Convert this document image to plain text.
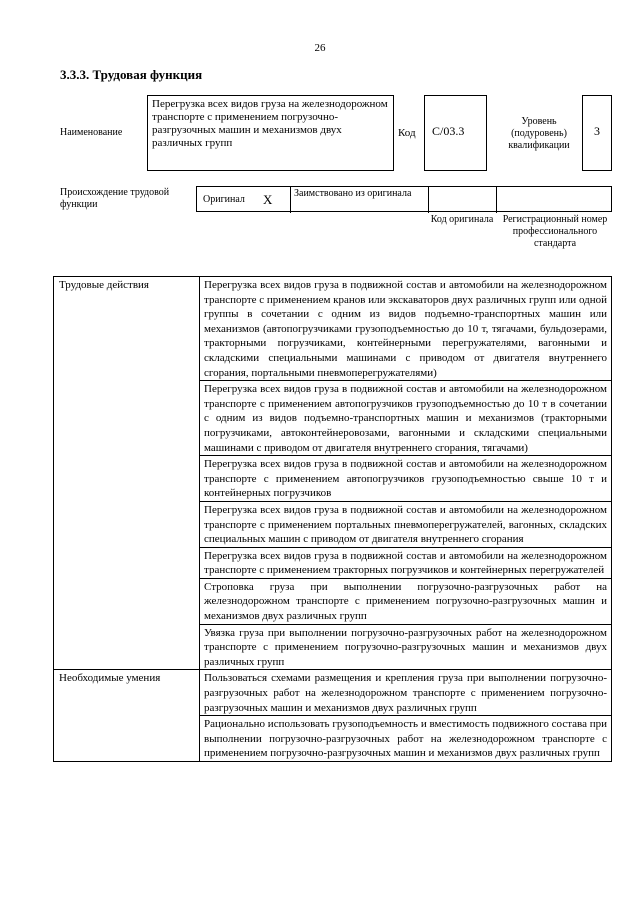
26
3.3.3. Трудовая функция
Наименование
Перегрузка всех видов груза на железнодорожном транспорте с применением погрузочно-разгрузочных машин и механизмов двух различных групп
Код	C/03.3
Уровень (подуровень) квалификации
3
Происхождение трудовой функции	Оригинал X Заимствовано из оригинала
Код оригинала Регистрационный номер профессионального стандарта
Трудовые действия	Перегрузка всех видов груза в подвижной состав и автомобили на железнодорожном транспорте с применением кранов или экскаваторов двух различных групп или одной группы в сочетании с одним из видов подъемно-транспортных машин или механизмов (автопогрузчиками грузоподъемностью до 10 т, тягачами, бульдозерами, тракторными погрузчиками, контейнерными перегружателями, вагонными и складскими специальными машинами с приводом от двигателя внутреннего сгорания, портальными пневмоперегружателями)
	Перегрузка всех видов груза в подвижной состав и автомобили на железнодорожном транспорте с применением автопогрузчиков грузоподъемностью до 10 т в сочетании с одним из видов подъемно-транспортных машин и механизмов (тракторными погрузчиками, автоконтейнеровозами, вагонными и складскими специальными машинами с приводом от двигателя внутреннего сгорания, тягачами)
	Перегрузка всех видов груза в подвижной состав и автомобили на железнодорожном транспорте с применением автопогрузчиков грузоподъемностью свыше 10 т и контейнерных погрузчиков
	Перегрузка всех видов груза в подвижной состав и автомобили на железнодорожном транспорте с применением портальных пневмоперегружателей, вагонных, складских специальных машин с приводом от двигателя внутреннего сгорания
	Перегрузка всех видов груза в подвижной состав и автомобили на железнодорожном транспорте с применением тракторных погрузчиков и контейнерных перегружателей
	Строповка груза при выполнении погрузочно-разгрузочных работ на железнодорожном транспорте с применением погрузочно-разгрузочных машин и механизмов двух различных групп
	Увязка груза при выполнении погрузочно-разгрузочных работ на железнодорожном транспорте с применением погрузочно-разгрузочных машин и механизмов двух различных групп
Необходимые умения	Пользоваться схемами размещения и крепления груза при выполнении погрузочно-разгрузочных работ на железнодорожном транспорте с применением погрузочно-разгрузочных машин и механизмов двух различных групп
	Рационально использовать грузоподъемность и вместимость подвижного состава при выполнении погрузочно-разгрузочных работ на железнодорожном транспорте с применением погрузочно-разгрузочных машин и механизмов двух различных групп
